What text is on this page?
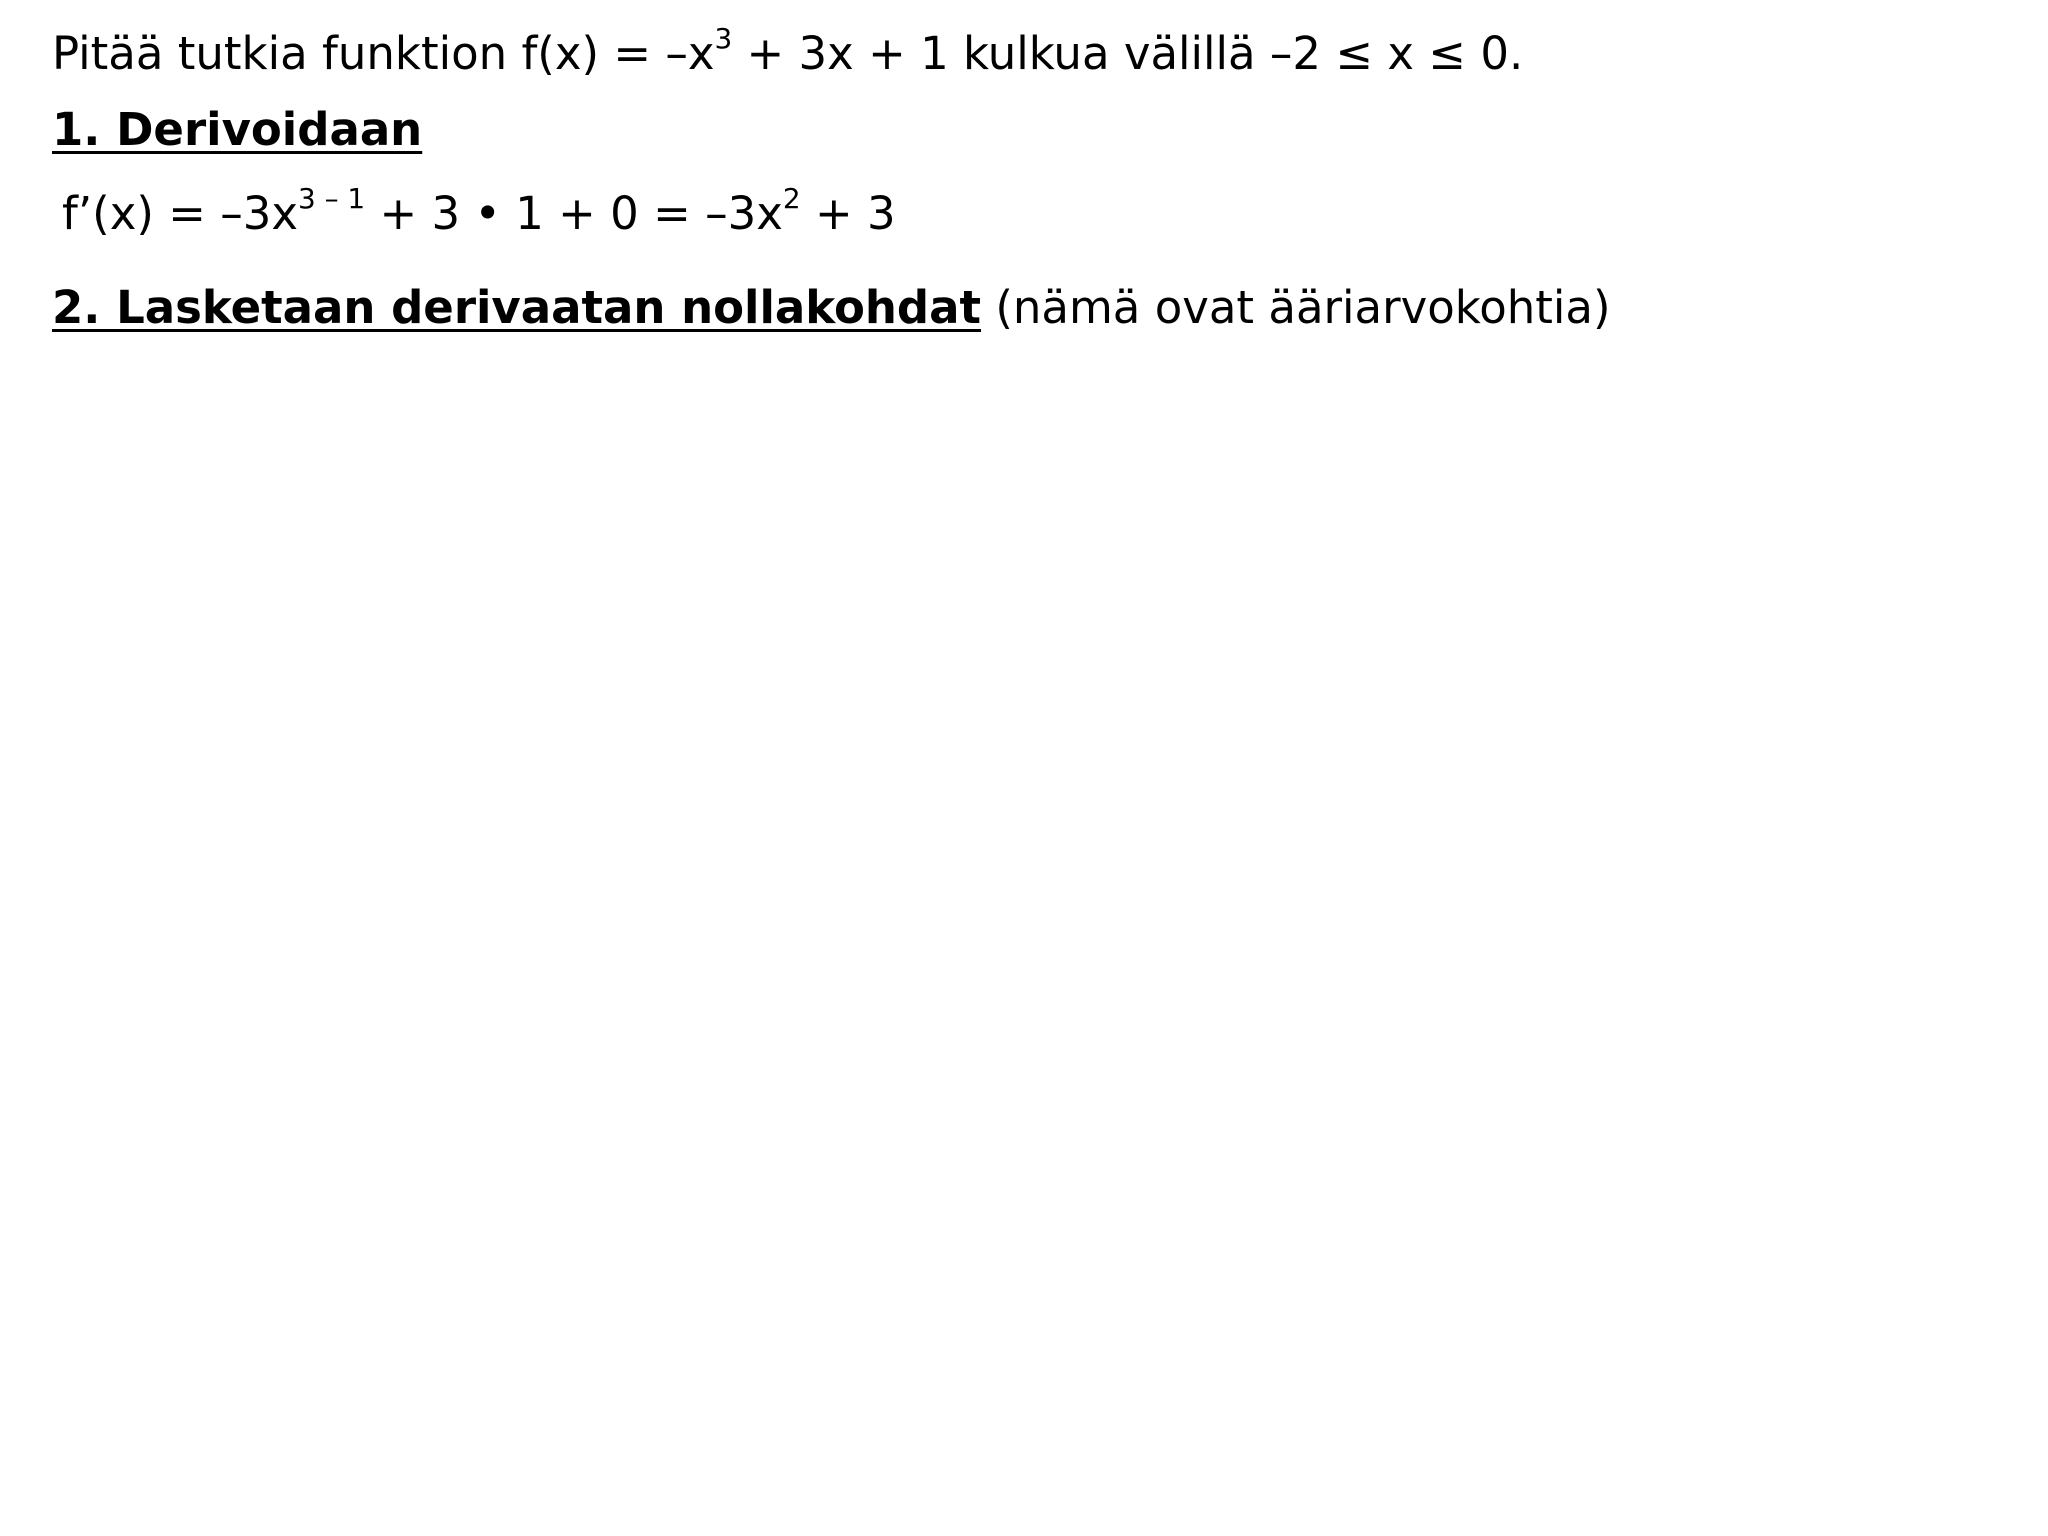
Pitää tutkia funktion $f(x) = -x^3 + 3x + 1$ kulkua välillä –2 ≤ x ≤ 0.
1. Derivoidaan
f’(x) = $-3x^{3 - 1} + 3$ • $1 + 0 = -3x^2 + 3$
2. Lasketaan derivaatan nollakohdat (nämä ovat ääriarvokohtia)
